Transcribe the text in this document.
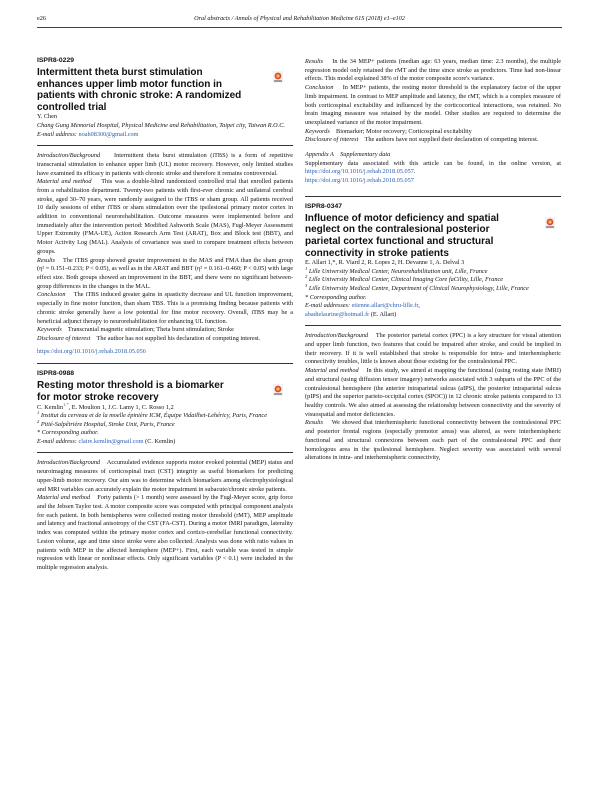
e26	Oral abstracts / Annals of Physical and Rehabilitation Medicine 61S (2018) e1–e102
ISPR8-0229
Intermittent theta burst stimulation enhances upper limb motor function in patients with chronic stroke: A randomized controlled trial

Y. Chen

Chang Gung Memorial Hospital, Physical Medicine and Rehabilitation, Taipei city, Taiwan R.O.C.

E-mail address: noah08300@gmail.com

Introduction/Background Intermittent theta burst stimulation (iTBS) is a form of repetitive transcranial stimulation to enhance upper limb (UL) motor recovery. However, only limited studies have examined its efficacy in patients with chronic stroke and therefore it remains controversial.

Material and method This was a double-blind randomized controlled trial that enrolled patients from a rehabilitation department. Twenty-two patients with first-ever chronic and unilateral cerebral stroke, aged 30–70 years, were randomly assigned to the iTBS or sham group. All patients received 10 daily sessions of either iTBS or sham stimulation over the ipsilesional primary motor cortex in addition to conventional neurorehabilitation. Outcome measures were implemented before and immediately after the intervention period: Modified Ashworth Scale (MAS), Fugl-Meyer Assessment Upper Extremity (FMA-UE), Action Research Arm Test (ARAT), Box and Block test (BBT), and Motor Activity Log (MAL). Analysis of covariance was used to compare treatment effects between groups.

Results The iTBS group showed greater improvement in the MAS and FMA than the sham group (η² = 0.151–0.233; P < 0.05), as well as in the ARAT and BBT (η² = 0.161–0.460; P < 0.05) with large effect size. Both groups showed an improvement in the BBT, and there were no significant between-group differences in the changes in the MAL.

Conclusion The iTBS induced greater gains in spasticity decrease and UL function improvement, especially in fine motor function, than sham TBS. This is a promising finding because patients with chronic stroke generally have a low potential for fine motor recovery. Overall, iTBS may be a beneficial adjunct therapy to neurorehabilitation for enhancing UL function.

Keywords Transcranial magnetic stimulation; Theta burst stimulation; Stroke

Disclosure of interest The author has not supplied his declaration of competing interest.

https://doi.org/10.1016/j.rehab.2018.05.056

ISPR8-0988
Resting motor threshold is a biomarker for motor stroke recovery

C. Kemlin$^{1,*}$, E. Moulton 1, J.C. Lamy 1, C. Rosso 1,2

$^1$ Institut du cerveau et de la moelle épinière ICM, Équipe Vidailhet-Lehéricy, Paris, France

$^2$ Pitié-Salpêtrière Hospital, Stroke Unit, Paris, France

* Corresponding author.

E-mail address: claire.kemlin@gmail.com (C. Kemlin)

Introduction/Background Accumulated evidence supports motor evoked potential (MEP) status and neuroimaging measures of corticospinal tract (CST) integrity as useful biomarkers for predicting upper-limb motor recovery. Our aim was to determine which biomarkers among electrophysiological and MRI variables can accurately explain the motor impairment in subacute/chronic stroke patients.

Material and method Forty patients (> 1 month) were assessed by the Fugl-Meyer score, grip force and the Jebsen Taylor test. A motor composite score was computed with principal component analysis for each patient. In both hemispheres were collected resting motor threshold (rMT), MEP amplitude and latency and fractional anisotropy of the CST (FA-CST). During a motor fMRI paradigm, laterality index was computed within the primary motor cortex and cortico-cerebellar functional connectivity. Lesion volume, age and time since stroke were also collected. Analysis was done with ratio values in patients with MEP in the affected hemisphere (MEP+). First, each variable was tested in simple regression with linear or nonlinear effects. Only significant variables (P < 0.1) were included in the multiple regression analysis.

Results In the 34 MEP+ patients (median age: 63 years, median time: 2.3 months), the multiple regression model only retained the rMT and the time since stroke as predictors. Time had non-linear effects. This model explained 38% of the motor composite score's variance.

Conclusion In MEP+ patients, the resting motor threshold is the explanatory factor of the upper limb impairment. In contrast to MEP amplitude and latency, the rMT, which is a complex measure of both corticospinal excitability and influenced by the corticocortical interactions, was retained. No brain imaging measure was retained by the model. Other studies are required to determine the unexplained variance of the motor impairment.

Keywords Biomarker; Motor recovery; Corticospinal excitability

Disclosure of interest The authors have not supplied their declaration of competing interest.

Appendix A Supplementary data

Supplementary data associated with this article can be found, in the online version, at https://doi.org/10.1016/j.rehab.2018.05.057.

https://doi.org/10.1016/j.rehab.2018.05.057

ISPR8-0347
Influence of motor deficiency and spatial neglect on the contralesional posterior parietal cortex functional and structural connectivity in stroke patients

E. Allart 1,*, R. Viard 2, R. Lopes 2, H. Devanne 1, A. Delval 3

$^1$ Lille University Medical Center, Neurorehabilitation unit, Lille, France

$^2$ Lille University Medical Center, Clinical Imaging Core faCility, Lille, France

$^3$ Lille University Medical Centre, Department of Clinical Neurophysiology, Lille, France

* Corresponding author.

E-mail addresses: etienne.allart@chru-lille.fr,

abadielaurine@hotmail.fr (E. Allart)

Introduction/Background The posterior parietal cortex (PPC) is a key structure for visual attention and upper limb function, two features that could be impaired after stroke, and could be implied in their recovery. If it is well established that stroke is responsible for intra- and interhemispheric connectivity troubles, little is known about those existing for the contralesional PPC.

Material and method In this study, we aimed at mapping the functional (using resting state fMRI) and structural (using diffusion tensor imagery) networks associated with 3 subparts of the PPC of the contralesional hemisphere (the anterior intraparietal sulcus (aIPS), the posterior intraparietal sulcus (pIPS) and the superior parieto-occipital cortex (SPOC)) in 12 chronic stroke patients compared to 13 healthy controls. We also aimed at assessing the relationship between connectivity and the severity of visuospatial and motor deficiencies.

Results We showed that interhemispheric functional connectivity between the contralesional PPC and posterior frontal regions (especially premotor areas) was altered, as were interhemispheric functional and structural connexions between each part of the contralesional PPC and their homologous area in the ipsilesional hemisphere. Neglect severity was associated with several alterations in intra- and interhemispheric connectivity,
